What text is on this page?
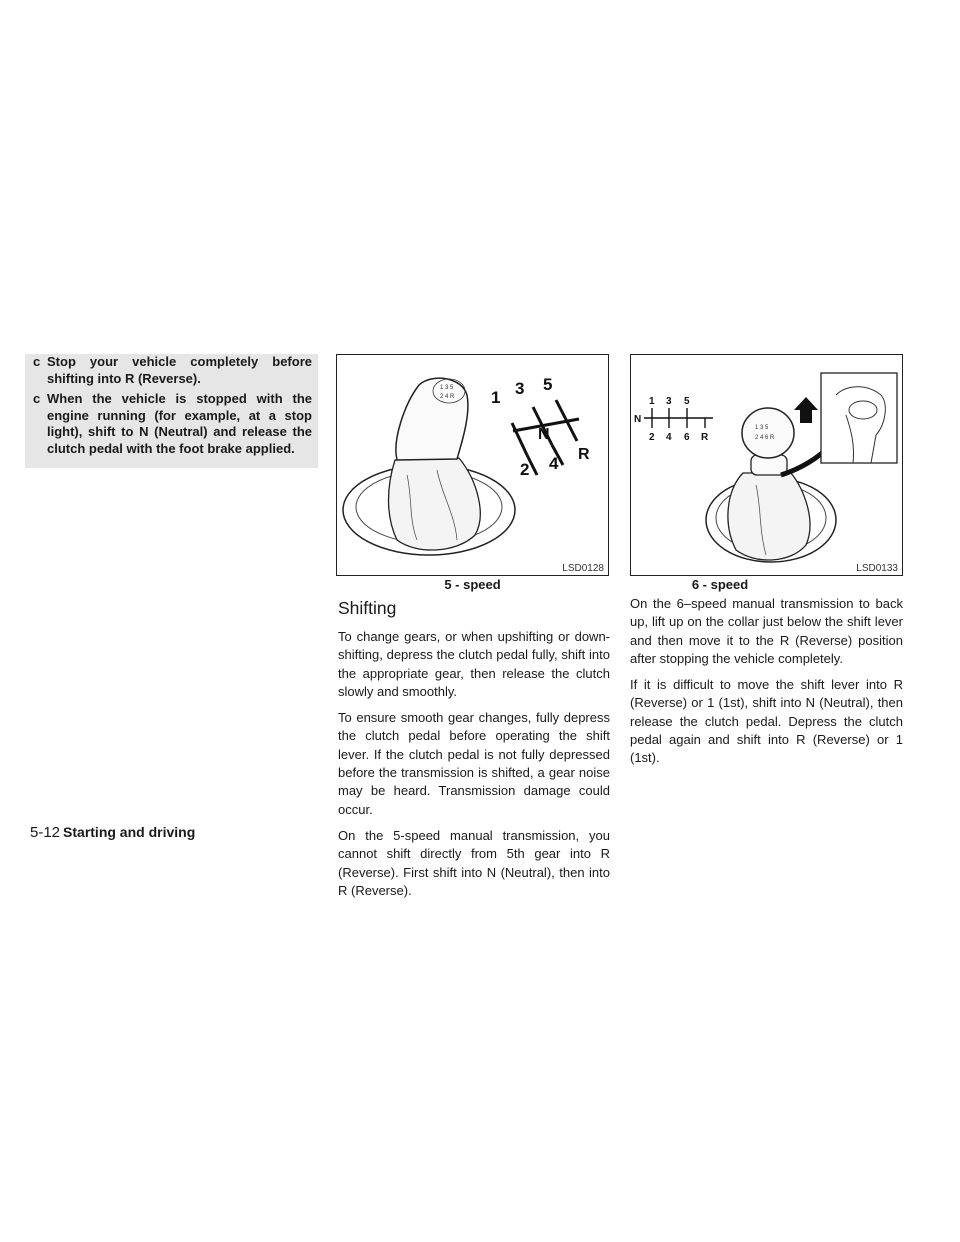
c Stop your vehicle completely before shifting into R (Reverse).
c When the vehicle is stopped with the engine running (for example, at a stop light), shift to N (Neutral) and release the clutch pedal with the foot brake applied.
1 3 5
2 4 R 1 3 5
N
2 4 R
LSD0128
5 - speed
1 3 5
N
2 4 6 R
1 3 5
2 4 6 R
LSD0133
6 - speed
Shifting

To change gears, or when upshifting or down-shifting, depress the clutch pedal fully, shift into the appropriate gear, then release the clutch slowly and smoothly.

To ensure smooth gear changes, fully depress the clutch pedal before operating the shift lever. If the clutch pedal is not fully depressed before the transmission is shifted, a gear noise may be heard. Transmission damage could occur.

On the 5-speed manual transmission, you cannot shift directly from 5th gear into R (Reverse). First shift into N (Neutral), then into R (Reverse).

On the 6–speed manual transmission to back up, lift up on the collar just below the shift lever and then move it to the R (Reverse) position after stopping the vehicle completely.

If it is difficult to move the shift lever into R (Reverse) or 1 (1st), shift into N (Neutral), then release the clutch pedal. Depress the clutch pedal again and shift into R (Reverse) or 1 (1st).

5-12 Starting and driving
